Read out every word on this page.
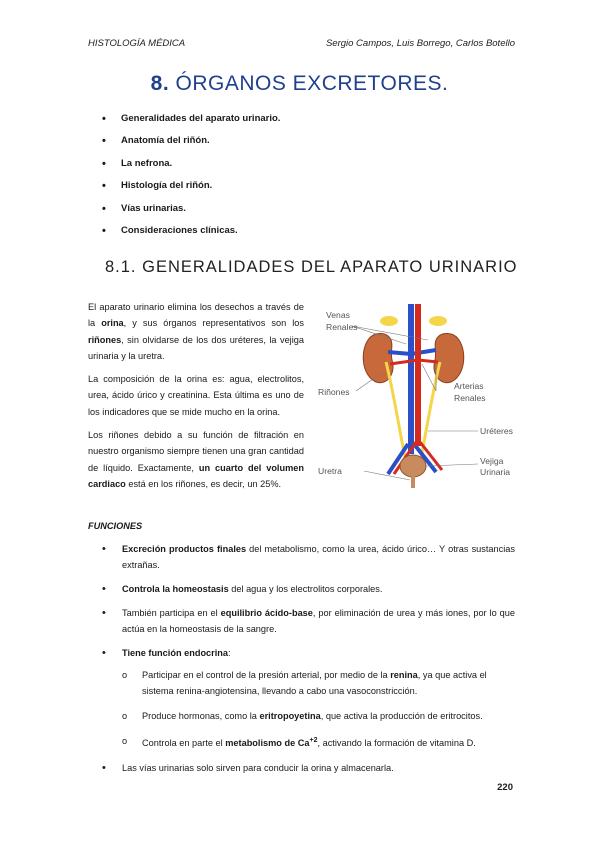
HISTOLOGÍA MÉDICA	Sergio Campos, Luis Borrego, Carlos Botello
8. ÓRGANOS EXCRETORES.
• Generalidades del aparato urinario.
• Anatomía del riñón.
• La nefrona.
• Histología del riñón.
• Vías urinarias.
• Consideraciones clínicas.
8.1. GENERALIDADES DEL APARATO URINARIO

El aparato urinario elimina los desechos a través de la orina, y sus órganos representativos son los riñones, sin olvidarse de los dos uréteres, la vejiga urinaria y la uretra.

La composición de la orina es: agua, electrolitos, urea, ácido úrico y creatinina. Esta última es uno de los indicadores que se mide mucho en la orina.

Los riñones debido a su función de filtración en nuestro organismo siempre tienen una gran cantidad de líquido. Exactamente, un cuarto del volumen cardiaco está en los riñones, es decir, un 25%.

Venas
Renales
Riñones
Arterias
Renales
Uréteres
Vejiga
Urinaria
Uretra
FUNCIONES
• Excreción productos finales del metabolismo, como la urea, ácido úrico… Y otras sustancias extrañas.
• Controla la homeostasis del agua y los electrolitos corporales.
• También participa en el equilibrio ácido-base, por eliminación de urea y más iones, por lo que actúa en la homeostasis de la sangre.
• Tiene función endocrina:
o Participar en el control de la presión arterial, por medio de la renina, ya que activa el sistema renina-angiotensina, llevando a cabo una vasoconstricción.
o Produce hormonas, como la eritropoyetina, que activa la producción de eritrocitos.
o Controla en parte el metabolismo de $Ca^{+2}$, activando la formación de vitamina D.
• Las vías urinarias solo sirven para conducir la orina y almacenarla.
220
